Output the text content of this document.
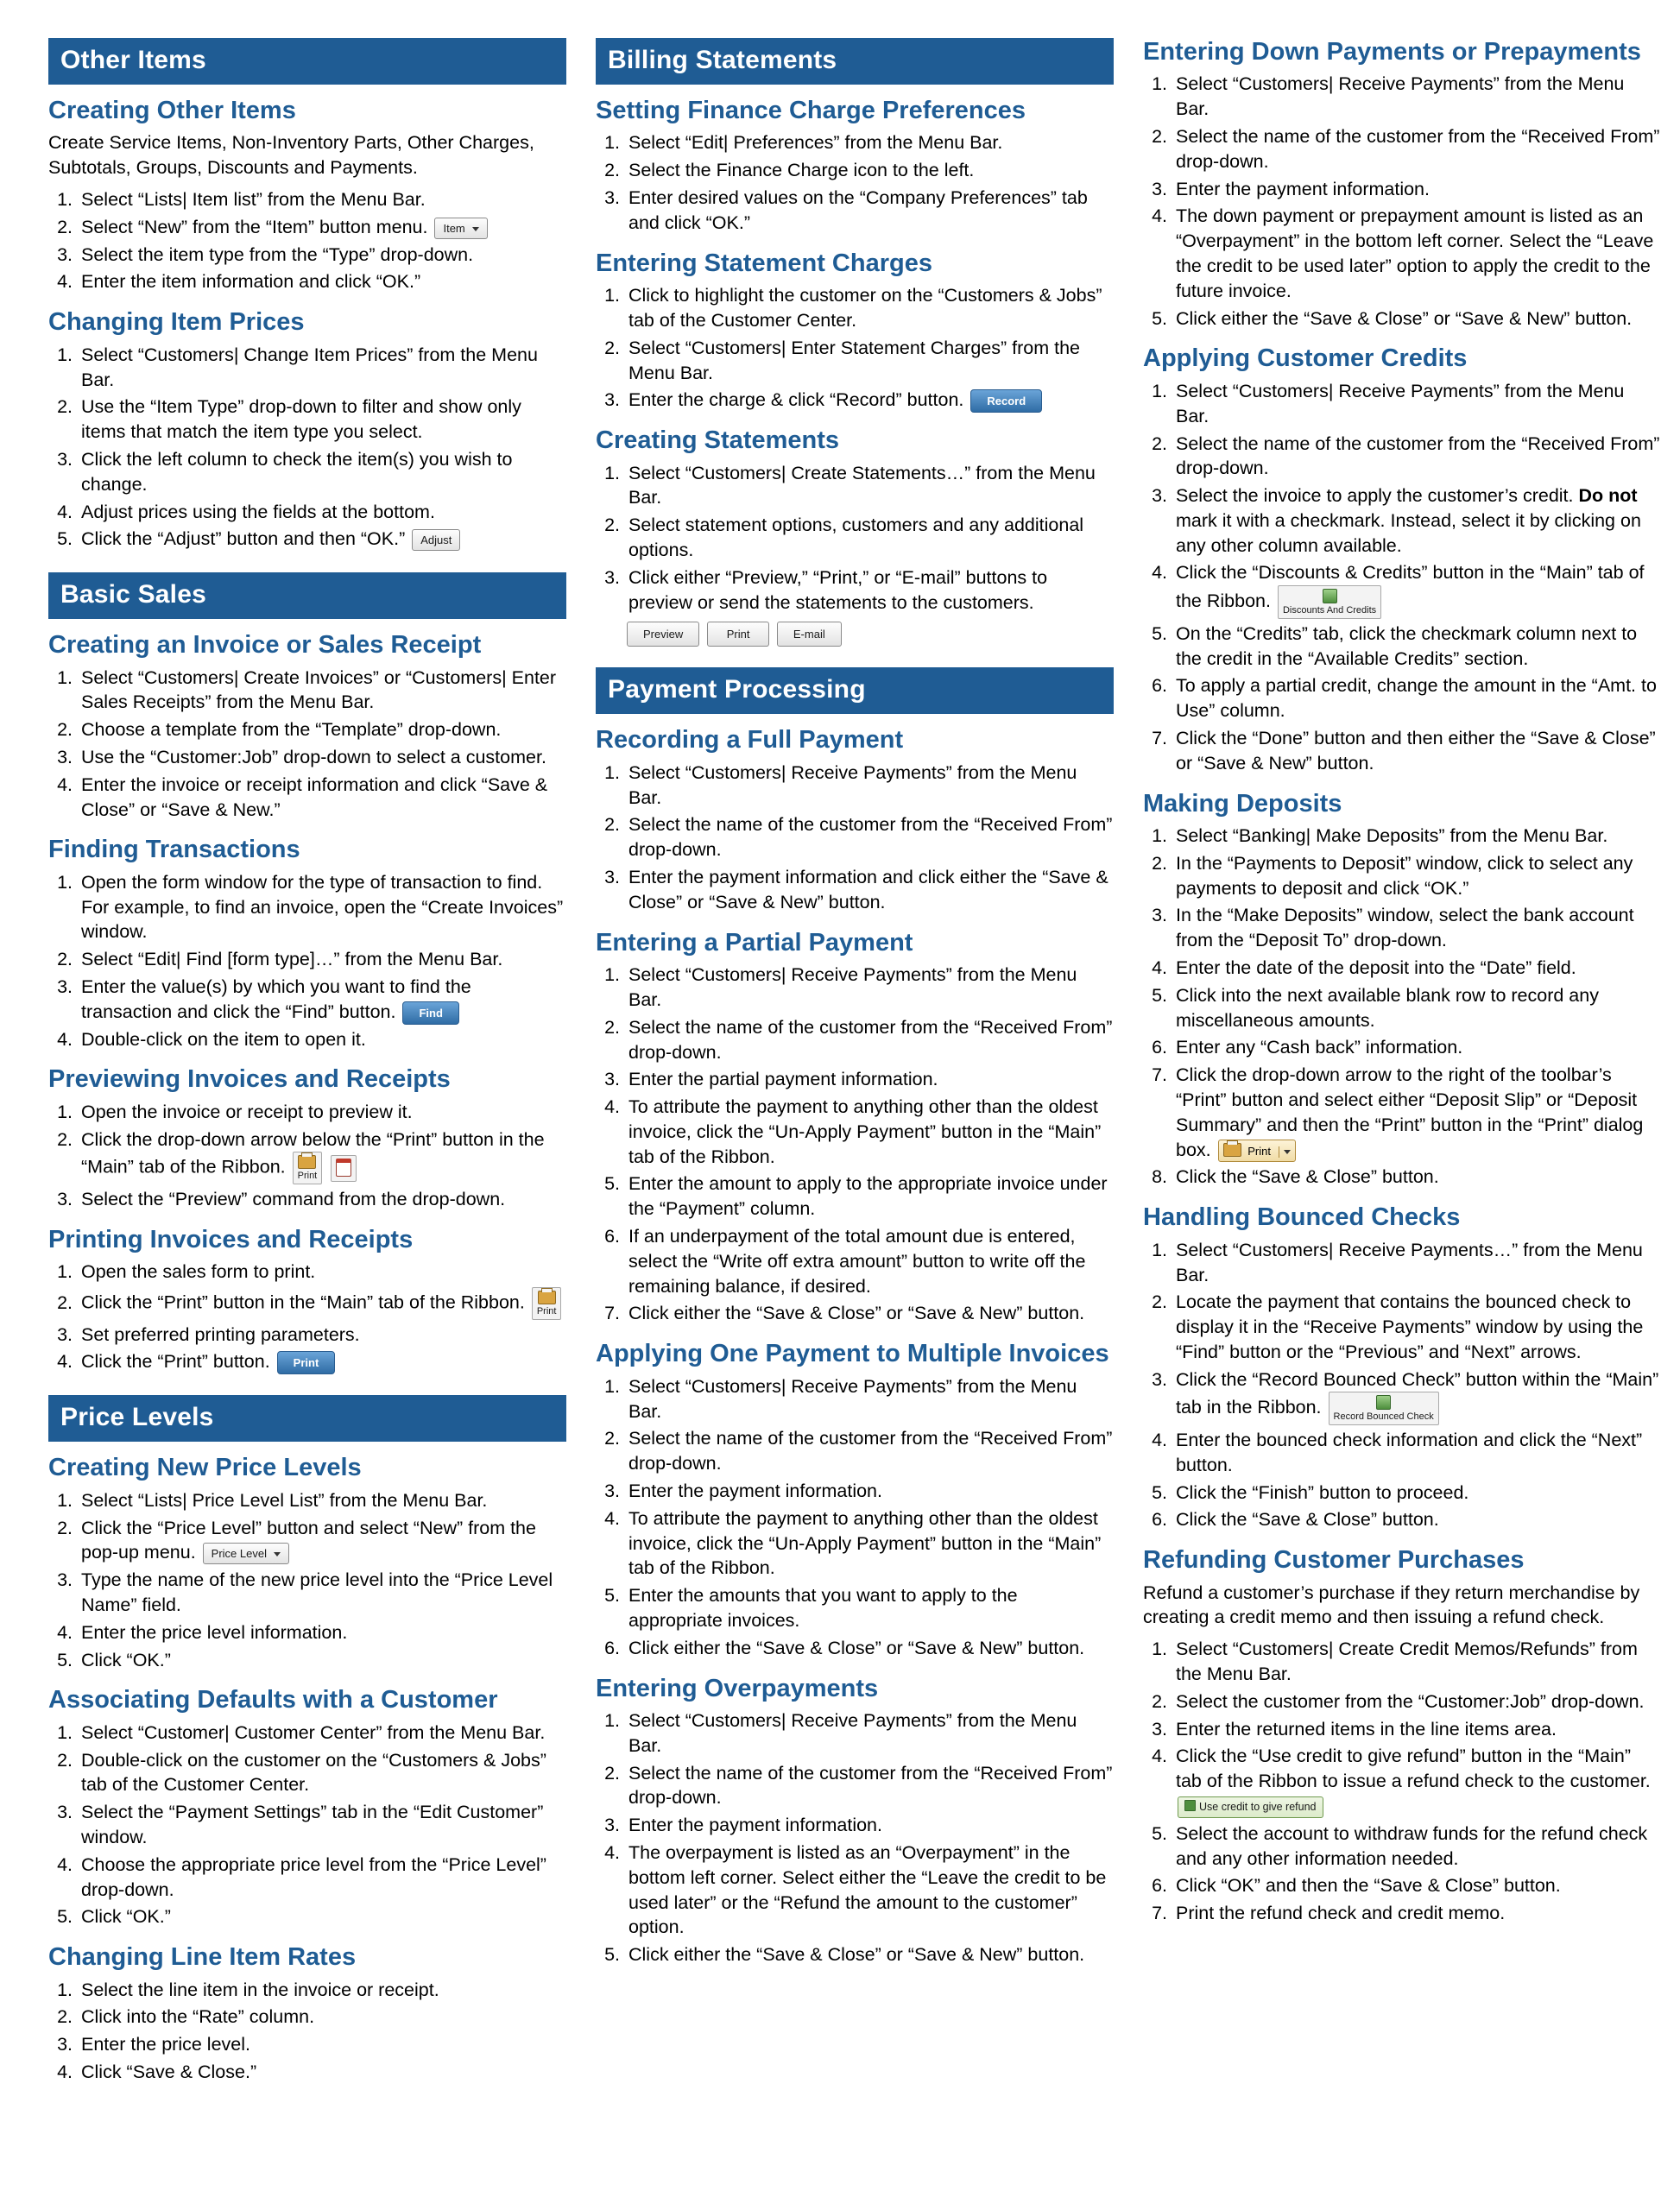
Other Items
Creating Other Items

Create Service Items, Non-Inventory Parts, Other Charges, Subtotals, Groups, Discounts and Payments.

1. Select “Lists| Item list” from the Menu Bar.
2. Select “New” from the “Item” button menu. Item
3. Select the item type from the “Type” drop-down.
4. Enter the item information and click “OK.”
Changing Item Prices
1. Select “Customers| Change Item Prices” from the Menu Bar.
2. Use the “Item Type” drop-down to filter and show only items that match the item type you select.
3. Click the left column to check the item(s) you wish to change.
4. Adjust prices using the fields at the bottom.
5. Click the “Adjust” button and then “OK.” Adjust
Basic Sales
Creating an Invoice or Sales Receipt
1. Select “Customers| Create Invoices” or “Customers| Enter Sales Receipts” from the Menu Bar.
2. Choose a template from the “Template” drop-down.
3. Use the “Customer:Job” drop-down to select a customer.
4. Enter the invoice or receipt information and click “Save & Close” or “Save & New.”
Finding Transactions
1. Open the form window for the type of transaction to find. For example, to find an invoice, open the “Create Invoices” window.
2. Select “Edit| Find [form type]…” from the Menu Bar.
3. Enter the value(s) by which you want to find the transaction and click the “Find” button. Find
4. Double-click on the item to open it.
Previewing Invoices and Receipts
1. Open the invoice or receipt to preview it.
2. Click the drop-down arrow below the “Print” button in the “Main” tab of the Ribbon. Print
3. Select the “Preview” command from the drop-down.
Printing Invoices and Receipts
1. Open the sales form to print.
2. Click the “Print” button in the “Main” tab of the Ribbon. Print
3. Set preferred printing parameters.
4. Click the “Print” button. Print
Price Levels
Creating New Price Levels
1. Select “Lists| Price Level List” from the Menu Bar.
2. Click the “Price Level” button and select “New” from the pop-up menu. Price Level
3. Type the name of the new price level into the “Price Level Name” field.
4. Enter the price level information.
5. Click “OK.”
Associating Defaults with a Customer
1. Select “Customer| Customer Center” from the Menu Bar.
2. Double-click on the customer on the “Customers & Jobs” tab of the Customer Center.
3. Select the “Payment Settings” tab in the “Edit Customer” window.
4. Choose the appropriate price level from the “Price Level” drop-down.
5. Click “OK.”
Changing Line Item Rates
1. Select the line item in the invoice or receipt.
2. Click into the “Rate” column.
3. Enter the price level.
4. Click “Save & Close.”
Billing Statements
Setting Finance Charge Preferences
1. Select “Edit| Preferences” from the Menu Bar.
2. Select the Finance Charge icon to the left.
3. Enter desired values on the “Company Preferences” tab and click “OK.”
Entering Statement Charges
1. Click to highlight the customer on the “Customers & Jobs” tab of the Customer Center.
2. Select “Customers| Enter Statement Charges” from the Menu Bar.
3. Enter the charge & click “Record” button. Record
Creating Statements
1. Select “Customers| Create Statements…” from the Menu Bar.
2. Select statement options, customers and any additional options.
3. Click either “Preview,” “Print,” or “E-mail” buttons to preview or send the statements to the customers.
Preview	Print	E-mail
Payment Processing
Recording a Full Payment
1. Select “Customers| Receive Payments” from the Menu Bar.
2. Select the name of the customer from the “Received From” drop-down.
3. Enter the payment information and click either the “Save & Close” or “Save & New” button.
Entering a Partial Payment
1. Select “Customers| Receive Payments” from the Menu Bar.
2. Select the name of the customer from the “Received From” drop-down.
3. Enter the partial payment information.
4. To attribute the payment to anything other than the oldest invoice, click the “Un-Apply Payment” button in the “Main” tab of the Ribbon.
5. Enter the amount to apply to the appropriate invoice under the “Payment” column.
6. If an underpayment of the total amount due is entered, select the “Write off extra amount” button to write off the remaining balance, if desired.
7. Click either the “Save & Close” or “Save & New” button.
Applying One Payment to Multiple Invoices
1. Select “Customers| Receive Payments” from the Menu Bar.
2. Select the name of the customer from the “Received From” drop-down.
3. Enter the payment information.
4. To attribute the payment to anything other than the oldest invoice, click the “Un-Apply Payment” button in the “Main” tab of the Ribbon.
5. Enter the amounts that you want to apply to the appropriate invoices.
6. Click either the “Save & Close” or “Save & New” button.
Entering Overpayments
1. Select “Customers| Receive Payments” from the Menu Bar.
2. Select the name of the customer from the “Received From” drop-down.
3. Enter the payment information.
4. The overpayment is listed as an “Overpayment” in the bottom left corner. Select either the “Leave the credit to be used later” or the “Refund the amount to the customer” option.
5. Click either the “Save & Close” or “Save & New” button.
Entering Down Payments or Prepayments
1. Select “Customers| Receive Payments” from the Menu Bar.
2. Select the name of the customer from the “Received From” drop-down.
3. Enter the payment information.
4. The down payment or prepayment amount is listed as an “Overpayment” in the bottom left corner. Select the “Leave the credit to be used later” option to apply the credit to the future invoice.
5. Click either the “Save & Close” or “Save & New” button.
Applying Customer Credits
1. Select “Customers| Receive Payments” from the Menu Bar.
2. Select the name of the customer from the “Received From” drop-down.
3. Select the invoice to apply the customer’s credit. Do not mark it with a checkmark. Instead, select it by clicking on any other column available.
4. Click the “Discounts & Credits” button in the “Main” tab of the Ribbon. Discounts And Credits
5. On the “Credits” tab, click the checkmark column next to the credit in the “Available Credits” section.
6. To apply a partial credit, change the amount in the “Amt. to Use” column.
7. Click the “Done” button and then either the “Save & Close” or “Save & New” button.
Making Deposits
1. Select “Banking| Make Deposits” from the Menu Bar.
2. In the “Payments to Deposit” window, click to select any payments to deposit and click “OK.”
3. In the “Make Deposits” window, select the bank account from the “Deposit To” drop-down.
4. Enter the date of the deposit into the “Date” field.
5. Click into the next available blank row to record any miscellaneous amounts.
6. Enter any “Cash back” information.
7. Click the drop-down arrow to the right of the toolbar’s “Print” button and select either “Deposit Slip” or “Deposit Summary” and then the “Print” button in the “Print” dialog box.	Print
8. Click the “Save & Close” button.
Handling Bounced Checks
1. Select “Customers| Receive Payments…” from the Menu Bar.
2. Locate the payment that contains the bounced check to display it in the “Receive Payments” window by using the “Find” button or the “Previous” and “Next” arrows.
3. Click the “Record Bounced Check” button within the “Main” tab in the Ribbon. Record Bounced Check
4. Enter the bounced check information and click the “Next” button.
5. Click the “Finish” button to proceed.
6. Click the “Save & Close” button.
Refunding Customer Purchases

Refund a customer’s purchase if they return merchandise by creating a credit memo and then issuing a refund check.

1. Select “Customers| Create Credit Memos/Refunds” from the Menu Bar.
2. Select the customer from the “Customer:Job” drop-down.
3. Enter the returned items in the line items area.
4. Click the “Use credit to give refund” button in the “Main” tab of the Ribbon to issue a refund check to the customer. Use credit to give refund
5. Select the account to withdraw funds for the refund check and any other information needed.
6. Click “OK” and then the “Save & Close” button.
7. Print the refund check and credit memo.
